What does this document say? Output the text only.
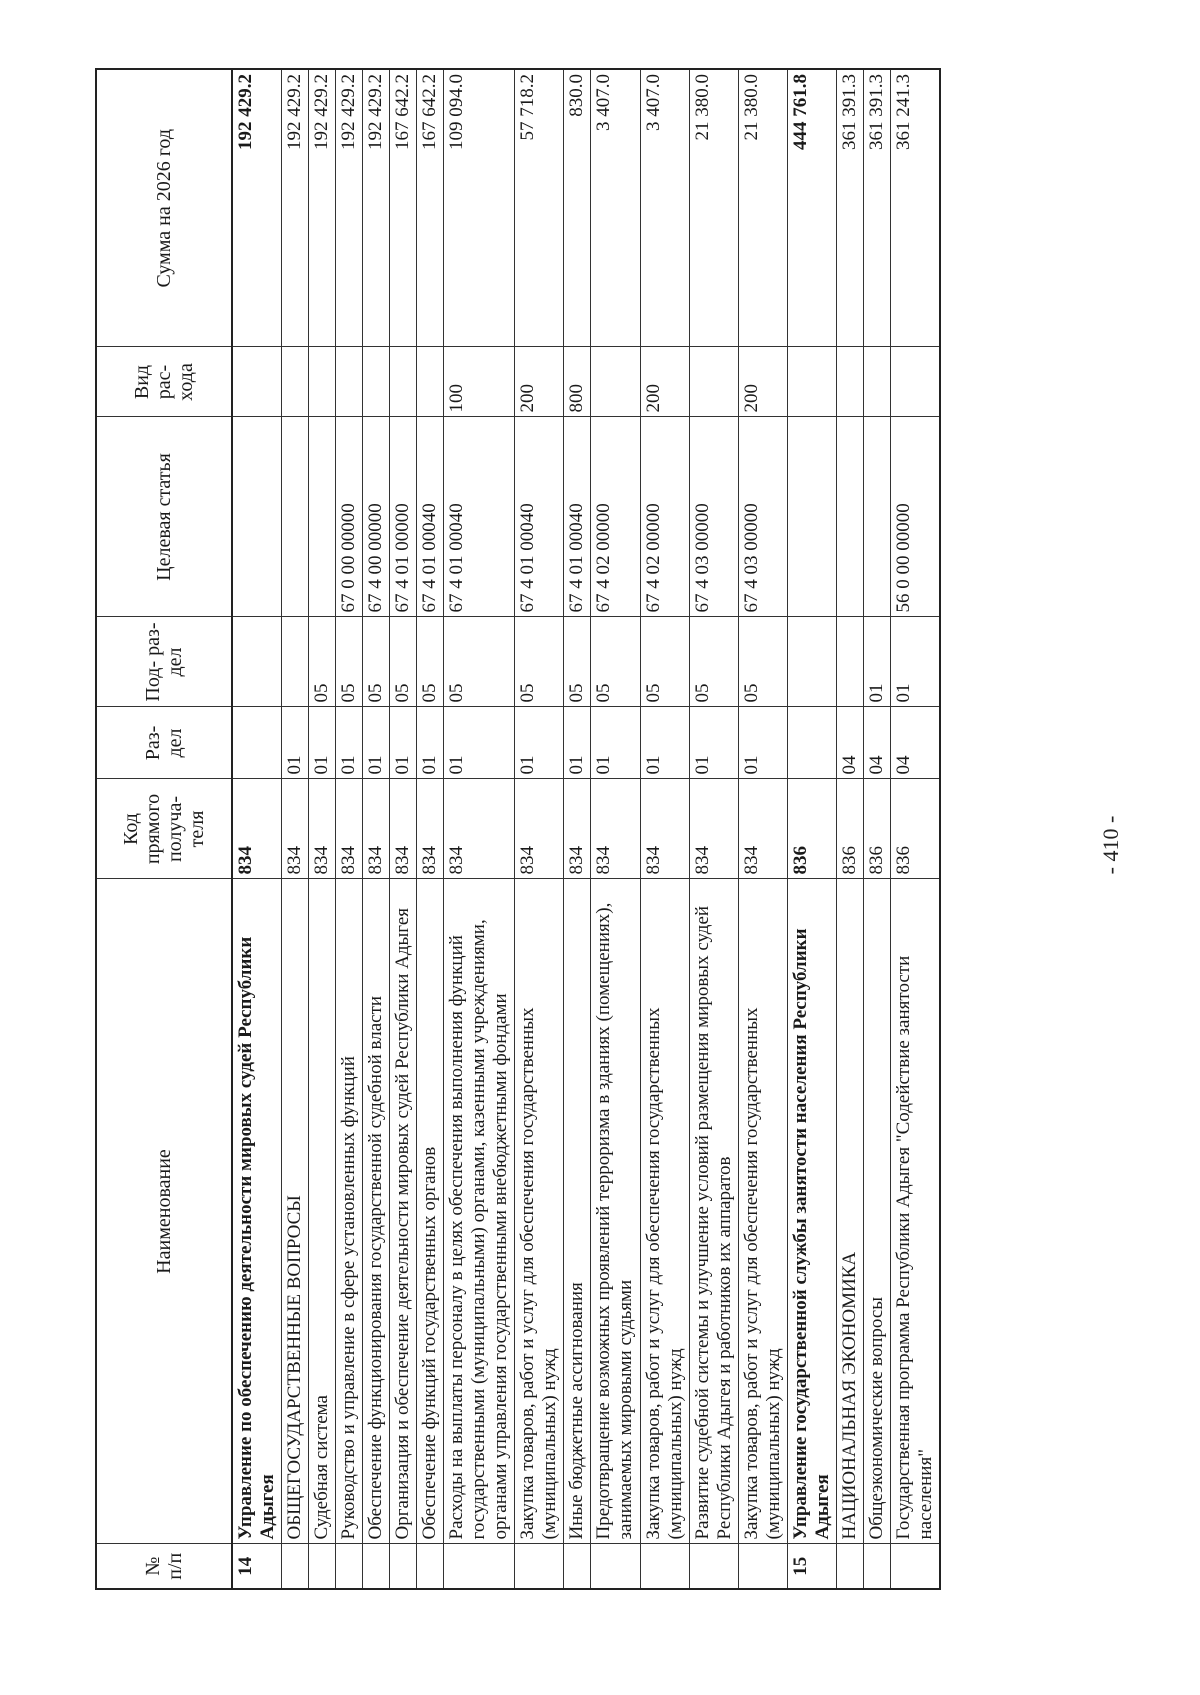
- 410 -
№ п/п	Наименование	Код прямого получа- теля	Раз- дел	Под- раз- дел	Целевая статья	Вид рас- хода	Сумма на 2026 год
14	Управление по обеспечению деятельности мировых судей Республики Адыгея	834					192 429.2
	ОБЩЕГОСУДАРСТВЕННЫЕ ВОПРОСЫ	834	01				192 429.2
	Судебная система	834	01	05			192 429.2
	Руководство и управление в сфере установленных функций	834	01	05	67 0 00 00000		192 429.2
	Обеспечение функционирования государственной судебной власти	834	01	05	67 4 00 00000		192 429.2
	Организация и обеспечение деятельности мировых судей Республики Адыгея	834	01	05	67 4 01 00000		167 642.2
	Обеспечение функций государственных органов	834	01	05	67 4 01 00040		167 642.2
	Расходы на выплаты персоналу в целях обеспечения выполнения функций государственными (муниципальными) органами, казенными учреждениями, органами управления государственными внебюджетными фондами	834	01	05	67 4 01 00040	100	109 094.0
	Закупка товаров, работ и услуг для обеспечения государственных (муниципальных) нужд	834	01	05	67 4 01 00040	200	57 718.2
	Иные бюджетные ассигнования	834	01	05	67 4 01 00040	800	830.0
	Предотвращение возможных проявлений терроризма в зданиях (помещениях), занимаемых мировыми судьями	834	01	05	67 4 02 00000		3 407.0
	Закупка товаров, работ и услуг для обеспечения государственных (муниципальных) нужд	834	01	05	67 4 02 00000	200	3 407.0
	Развитие судебной системы и улучшение условий размещения мировых судей Республики Адыгея и работников их аппаратов	834	01	05	67 4 03 00000		21 380.0
	Закупка товаров, работ и услуг для обеспечения государственных (муниципальных) нужд	834	01	05	67 4 03 00000	200	21 380.0
15	Управление государственной службы занятости населения Республики Адыгея	836					444 761.8
	НАЦИОНАЛЬНАЯ ЭКОНОМИКА	836	04				361 391.3
	Общеэкономические вопросы	836	04	01			361 391.3
	Государственная программа Республики Адыгея "Содействие занятости населения"	836	04	01	56 0 00 00000		361 241.3
